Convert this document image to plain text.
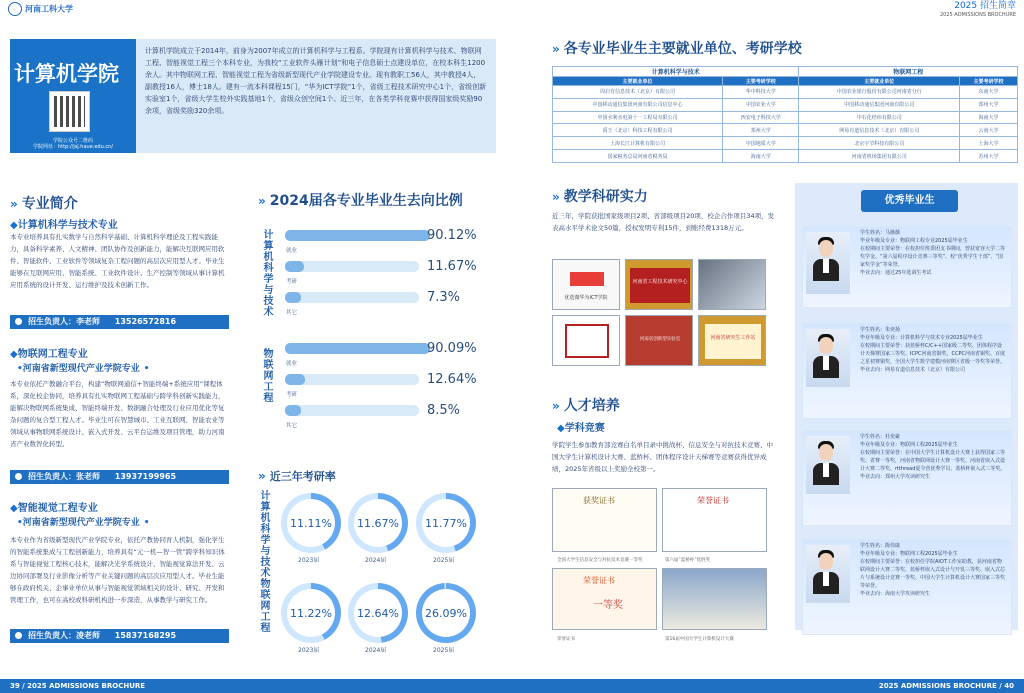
河南工科大学	2025 招生简章
2025 ADMISSIONS BROCHURE
计算机学院
学院公众号二维码
学院网址：http://jsj.haue.edu.cn/
计算机学院成立于2014年，前身为2007年成立的计算机科学与工程系。学院现有计算机科学与技术、物联网工程、智能视觉工程三个本科专业，为我校“工业软件头雁计划”和电子信息硕士点建设单位，在校本科生1200余人。其中物联网工程、智能视觉工程为省级新型现代产业学院建设专业。现有教职工56人，其中教授4人，副教授16人，博士18人。建有一流本科课程15门，“华为ICT学院”1个，省级工程技术研究中心1个，省级创新实验室1个，省级大学生校外实践基地1个，省级众创空间1个。近三年，在各类学科竞赛中获得国家级奖励90余项，省级奖励320余项。
» 专业简介
◆计算机科学与技术专业
本专业培养具有扎实数学与自然科学基础、计算机科学理论及工程实践能力，具备科学素养、人文精神、团队协作及创新能力，能解决互联网应用软件、智能软件、工业软件等领域复杂工程问题的高层次应用型人才。毕业生能够在互联网应用、智能系统、工业软件设计、生产控制等领域从事计算机应用系统的设计开发、运行维护及技术创新工作。
招生负责人：李老师 13526572816
◆物联网工程专业
•河南省新型现代产业学院专业 •
本专业依托产教融合平台，构建“物联网通信+智能终端+系统应用”课程体系，深化校企协同，培养具有扎实物联网工程基础与跨学科创新实践能力，能解决物联网系统集成、智能终端开发、数据融合处理及行业应用优化等复杂问题的复合型工程人才。毕业生可在智慧城市、工业互联网、智能农业等领域从事物联网系统设计、嵌入式开发、云平台运维及项目管理，助力河南省产业数智化转型。
招生负责人：张老师 13937199965
◆智能视觉工程专业
•河南省新型现代产业学院专业 •
本专业作为省级新型现代产业学院专业，依托产教协同育人机制，强化学生的智能系统集成与工程创新能力，培养具有“元一机—智一管”跨学科知识体系与智能视觉工程核心技术，能解决光学系统设计、智能视觉算法开发、云边协同部署及行业影像分析等产业关键问题的高层次应用型人才。毕业生能够在政府机关、企事业单位从事与智能视觉领域相关的设计、研究、开发和管理工作，也可在高校或科研机构进一步深造，从事教学与研究工作。
招生负责人：凌老师 15837168295
» 2024届各专业毕业生去向比例
计算机科学与技术
物联网工程
就业
90.12%
考研
11.67%
其它
7.3%
就业
90.09%
考研
12.64%
其它
8.5%
» 近三年考研率
计算机科学与技术
物联网工程
11.11%
2023届
11.67%
2024届
11.77%
2025届
11.22%
2023届
12.64%
2024届
26.09%
2025届
» 各专业毕业生主要就业单位、考研学校
计算机科学与技术		物联网工程	
主要就业单位	主要考研学校	主要就业单位	主要考研学校
周启有信息技术（北京）有限公司	华中科技大学	中国农业银行股份有限公司河南省分行	东南大学
中国移动通信集团河南有限公司信息中心	中国农业大学	中国移动通信集团河南有限公司	郑州大学
中国水利水电第十一工程局有限公司	西安电子科技大学	中石化经纬有限公司	海南大学
禹王（北京）科技工程有限公司	郑州大学	网易有道信息技术（北京）有限公司	云南大学
上海长江计算机有限公司	中国地质大学	北京宇节科技有限公司	上海大学
国家税务总局河南省税务局	海南大学	河南省机场集团有限公司	苏州大学
» 教学科研实力
近三年，学院获批国家级项目2项、省部级项目20项、校企合作项目34项，发表高水平学术论文50篇，授权发明专利15件，到账经费1318万元。
优选微华为ICT学院
河南省工程技术研究中心
河南省创新型实验室	河南省研究生工作站
» 人才培养
◆学科竞赛
学院学生参加教育部竞赛白名单目录中挑战杯、信息安全与对抗技术竞赛、中国大学生计算机设计大赛、蓝桥杯、团体程序设计天梯赛等竞赛获得优异成绩，2025年省级以上奖励全校第一。
获奖证书	荣誉证书
全国大学生信息安全与对抗技术竞赛一等奖	第六届“蓝桥杯”优胜奖
荣誉证书
一等奖
荣誉证书	第16届中国大学生计算机设计大赛
优秀毕业生
学生姓名：马薇薇
毕业年级及专业：物联网工程专业2025届毕业生
在校期间主要荣誉：在校担任班委团支书期间，曾获宽容大学二等奖学金、“第六届程序设计竞赛三等奖”、校“优秀学生干部”、“国家奖学金”等荣誉。
毕业去向：通过25年选调生考试
学生姓名：朱奕扬
毕业年级及专业：计算机科学与技术专业2025届毕业生
在校期间主要荣誉：获蓝桥杯C/C++国家级二等奖、团体程序设计天梯赛国家三等奖、ICPC河南省铜奖、CCPC河南省铜奖、百度之星初赛铜奖，全国大学生数学建模河南赛区省级一等奖等荣誉。
毕业去向：网易有道信息技术（北京）有限公司
学生姓名：杜奕豪
毕业年级及专业：物联网工程2025届毕业生
在校期间主要荣誉：在中国大学生计算机设计大赛上获得国家三等奖、省赛一等奖，河南省物联网设计大赛一等奖、河南省嵌入式设计大赛二等奖、rtthread夏令营优秀学员、蓝桥杯嵌入式三等奖。
毕业去向：郑州大学攻读研究生
学生姓名：陈伟康
毕业年级及专业：物联网工程2025届毕业生
在校期间主要荣誉：在校担任学院AIOT工作室助教，获河南省物联网设计大赛二等奖、蓝桥杯嵌入式设计与开发三等奖、嵌入式芯片与系统设计竞赛一等奖、中国大学生计算机设计大赛国家三等奖等荣誉。
毕业去向：海南大学攻读研究生
39 / 2025 ADMISSIONS BROCHURE	2025 ADMISSIONS BROCHURE / 40
